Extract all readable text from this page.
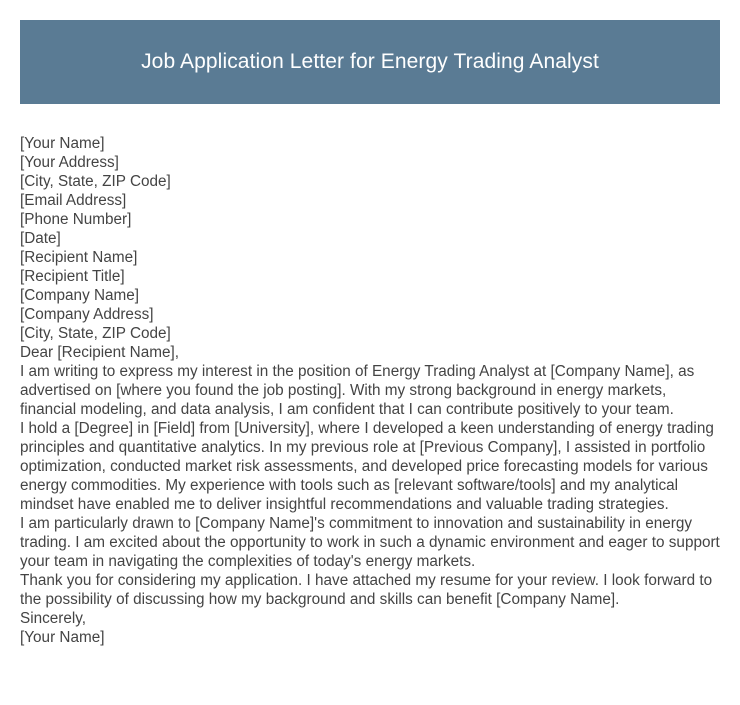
Job Application Letter for Energy Trading Analyst
[Your Name]
[Your Address]
[City, State, ZIP Code]
[Email Address]
[Phone Number]
[Date]
[Recipient Name]
[Recipient Title]
[Company Name]
[Company Address]
[City, State, ZIP Code]
Dear [Recipient Name],
I am writing to express my interest in the position of Energy Trading Analyst at [Company Name], as advertised on [where you found the job posting]. With my strong background in energy markets, financial modeling, and data analysis, I am confident that I can contribute positively to your team.
I hold a [Degree] in [Field] from [University], where I developed a keen understanding of energy trading principles and quantitative analytics. In my previous role at [Previous Company], I assisted in portfolio optimization, conducted market risk assessments, and developed price forecasting models for various energy commodities. My experience with tools such as [relevant software/tools] and my analytical mindset have enabled me to deliver insightful recommendations and valuable trading strategies.
I am particularly drawn to [Company Name]'s commitment to innovation and sustainability in energy trading. I am excited about the opportunity to work in such a dynamic environment and eager to support your team in navigating the complexities of today's energy markets.
Thank you for considering my application. I have attached my resume for your review. I look forward to the possibility of discussing how my background and skills can benefit [Company Name].
Sincerely,
[Your Name]
